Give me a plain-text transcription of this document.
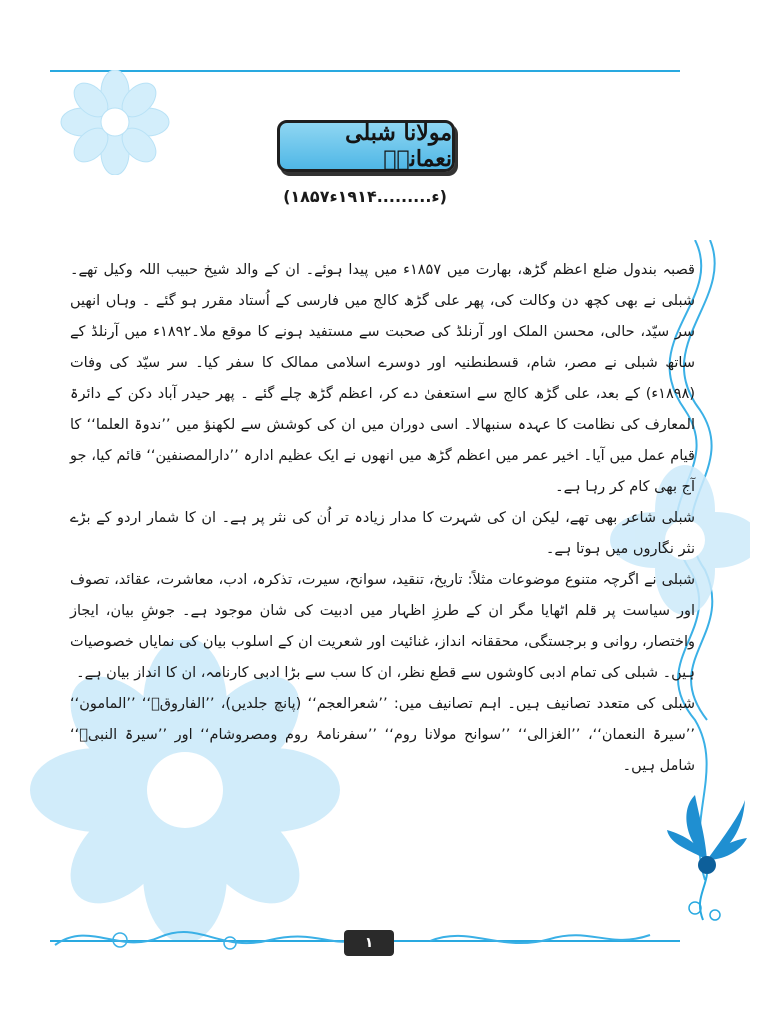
مولانا شبلی نعمانیؒ
(۱۸۵۷ء.........۱۹۱۴ء)

قصبہ بندول ضلع اعظم گڑھ، بھارت میں ۱۸۵۷ء میں پیدا ہوئے۔ ان کے والد شیخ حبیب اللہ وکیل تھے۔شبلی نے بھی کچھ دن وکالت کی، پھر علی گڑھ کالج میں فارسی کے اُستاد مقرر ہو گئے ۔ وہاں انھیں سر سیّد، حالی، محسن الملک اور آرنلڈ کی صحبت سے مستفید ہونے کا موقع ملا۔۱۸۹۲ء میں آرنلڈ کے ساتھ شبلی نے مصر، شام، قسطنطنیہ اور دوسرے اسلامی ممالک کا سفر کیا۔ سر سیّد کی وفات (۱۸۹۸ء) کے بعد، علی گڑھ کالج سے استعفیٰ دے کر، اعظم گڑھ چلے گئے ۔ پھر حیدر آباد دکن کے دائرۃ المعارف کی نظامت کا عہدہ سنبھالا۔ اسی دوران میں ان کی کوشش سے لکھنؤ میں ’’ندوۃ العلما‘‘ کا قیام عمل میں آیا۔ اخیر عمر میں اعظم گڑھ میں انھوں نے ایک عظیم ادارہ ’’دارالمصنفین‘‘ قائم کیا، جو آج بھی کام کر رہا ہے۔

شبلی شاعر بھی تھے، لیکن ان کی شہرت کا مدار زیادہ تر اُن کی نثر پر ہے۔ ان کا شمار اردو کے بڑے نثر نگاروں میں ہوتا ہے۔

شبلی نے اگرچہ متنوع موضوعات مثلاً: تاریخ، تنقید، سوانح، سیرت، تذکرہ، ادب، معاشرت، عقائد، تصوف اور سیاست پر قلم اٹھایا مگر ان کے طرزِ اظہار میں ادبیت کی شان موجود ہے۔ جوشِ بیان، ایجاز واختصار، روانی و برجستگی، محققانہ انداز، غنائیت اور شعریت ان کے اسلوب بیان کی نمایاں خصوصیات ہیں۔ شبلی کی تمام ادبی کاوشوں سے قطع نظر، ان کا سب سے بڑا ادبی کارنامہ، ان کا انداز بیان ہے۔

شبلی کی متعدد تصانیف ہیں۔ اہم تصانیف میں: ’’شعرالعجم‘‘ (پانچ جلدیں)، ’’الفاروقؓ‘‘ ’’المامون‘‘ ’’سیرۃ النعمان‘‘، ’’الغزالی‘‘ ’’سوانح مولانا روم‘‘ ’’سفرنامۂ روم ومصروشام‘‘ اور ’’سیرۃ النبیؐ‘‘ شامل ہیں۔

۱
